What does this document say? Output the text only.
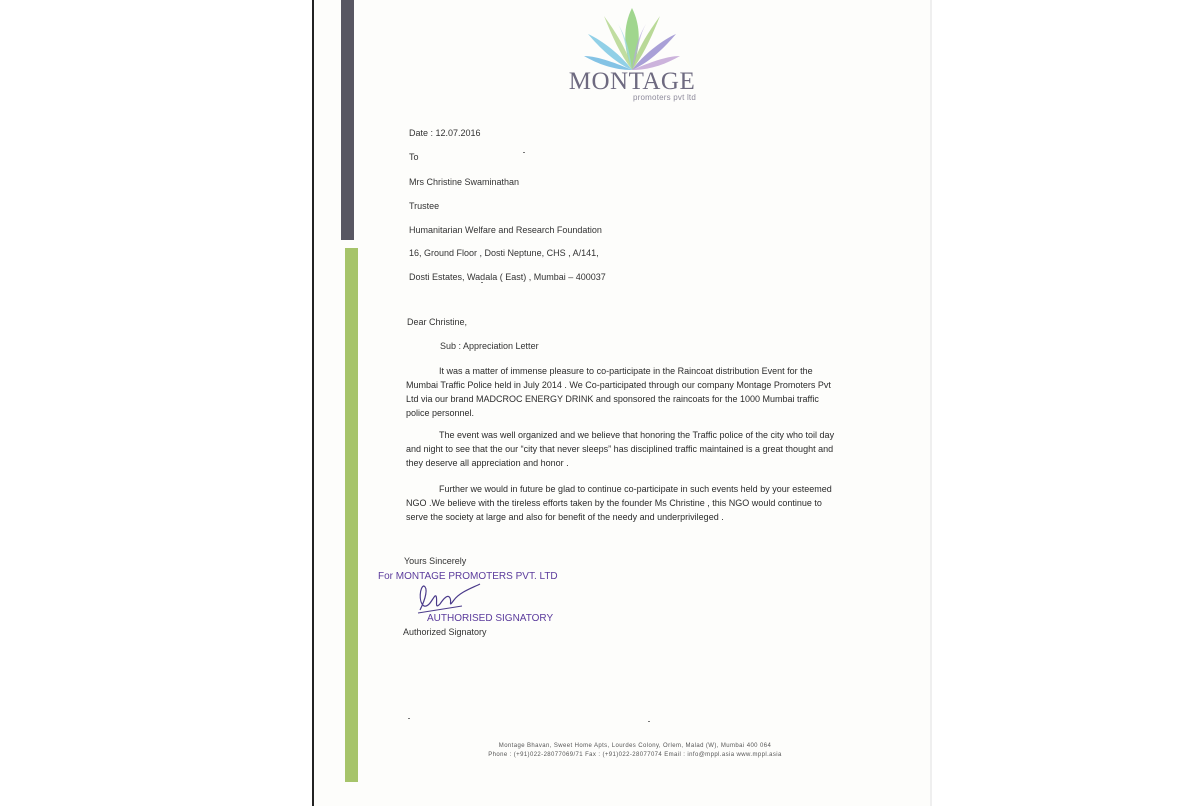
MONTAGE
promoters pvt ltd
Date : 12.07.2016
To
Mrs Christine Swaminathan
Trustee
Humanitarian Welfare and Research Foundation
16, Ground Floor , Dosti Neptune, CHS , A/141,
Dosti Estates, Wadala ( East) , Mumbai – 400037
Dear Christine,
Sub : Appreciation Letter
It was a matter of immense pleasure to co-participate in the Raincoat distribution Event for the Mumbai Traffic Police held in July 2014 . We Co-participated through our company Montage Promoters Pvt Ltd via our brand MADCROC ENERGY DRINK and sponsored the raincoats for the 1000 Mumbai traffic police personnel.
The event was well organized and we believe that honoring the Traffic police of the city who toil day and night to see that the our “city that never sleeps” has disciplined traffic maintained is a great thought and they deserve all appreciation and honor .
Further we would in future be glad to continue co-participate in such events held by your esteemed NGO .We believe with the tireless efforts taken by the founder Ms Christine , this NGO would continue to serve the society at large and also for benefit of the needy and underprivileged .
Yours Sincerely
For MONTAGE PROMOTERS PVT. LTD
AUTHORISED SIGNATORY
Authorized Signatory
Montage Bhavan, Sweet Home Apts, Lourdes Colony, Orlem, Malad (W), Mumbai 400 064
Phone : (+91)022-28077069/71 Fax : (+91)022-28077074 Email : info@mppl.asia www.mppl.asia
